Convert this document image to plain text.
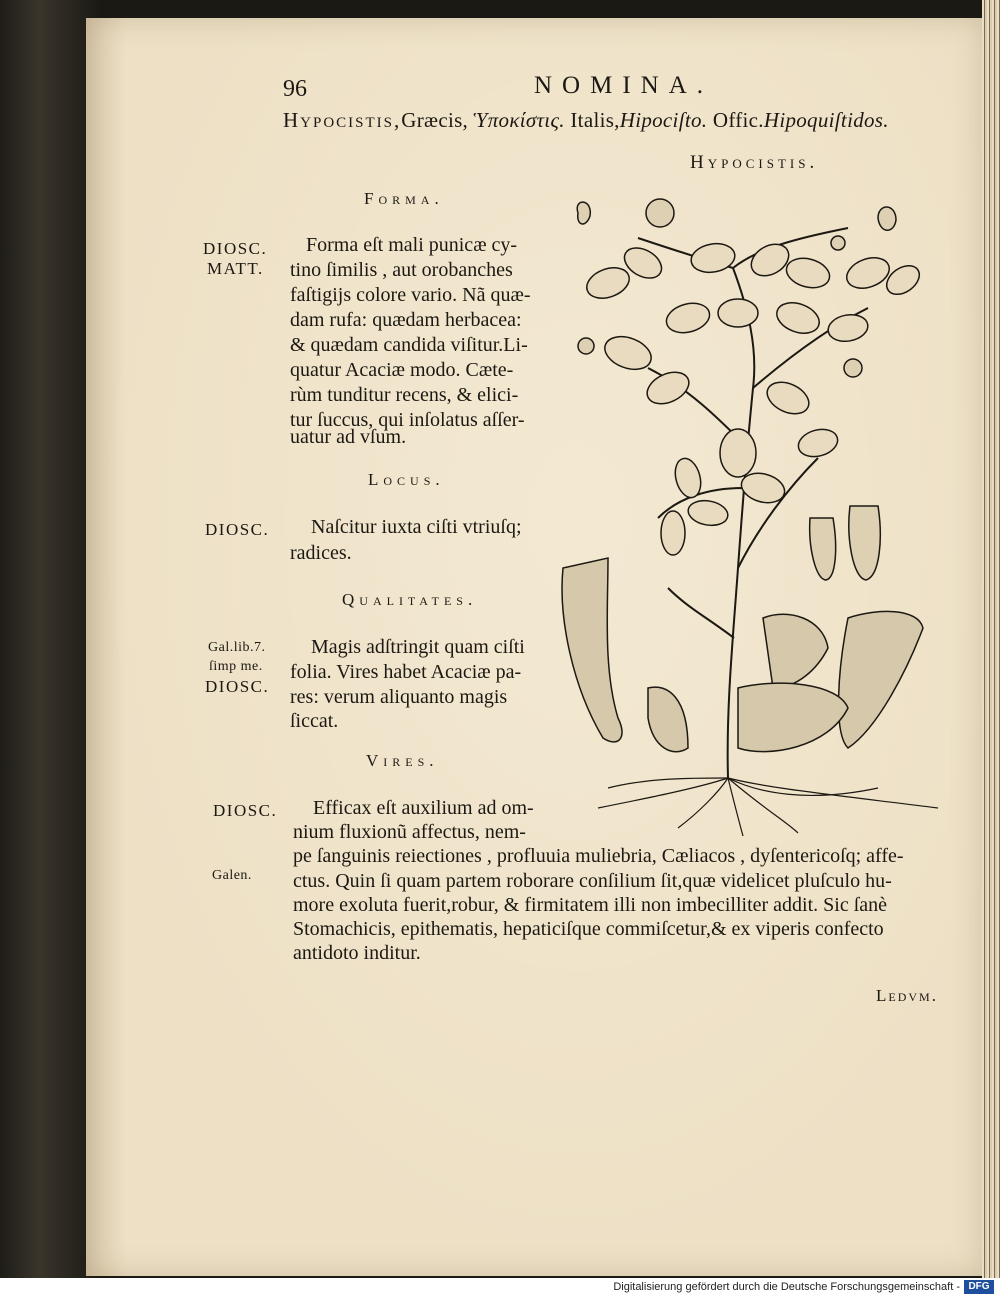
96	NOMINA.
Hypocistis,Græcis, Ὑποκίστις. Italis,Hipociſto. Offic.Hipoquiſtidos.
Hypocistis.
Forma.
DIOSC.
MATT.
Forma eſt mali punicæ cy-
tino ſimilis , aut orobanches
faſtigijs colore vario. Nã quæ-
dam rufa: quædam herbacea:
& quædam candida viſitur.Li-
quatur Acaciæ modo. Cæte-
rùm tunditur recens, & elici-
tur ſuccus, qui inſolatus aſſer-
uatur ad vſum.
Locus.
DIOSC. Naſcitur iuxta ciſti vtriuſq;
radices.
Qualitates.
Gal.lib.7.
ſimp me.
DIOSC.
Magis adſtringit quam ciſti
folia. Vires habet Acaciæ pa-
res: verum aliquanto magis
ſiccat.
Vires.
DIOSC.
Galen.
Efficax eſt auxilium ad om-
nium fluxionũ affectus, nem-
pe ſanguinis reiectiones , profluuia muliebria, Cæliacos , dyſentericoſq; affe-
ctus. Quin ſi quam partem roborare conſilium ſit,quæ videlicet pluſculo hu-
more exoluta fuerit,robur, & firmitatem illi non imbecilliter addit. Sic ſanè
Stomachicis, epithematis, hepaticiſque commiſcetur,& ex viperis confecto
antidoto inditur.
Ledvm.
Digitalisierung gefördert durch die Deutsche Forschungsgemeinschaft - DFG
